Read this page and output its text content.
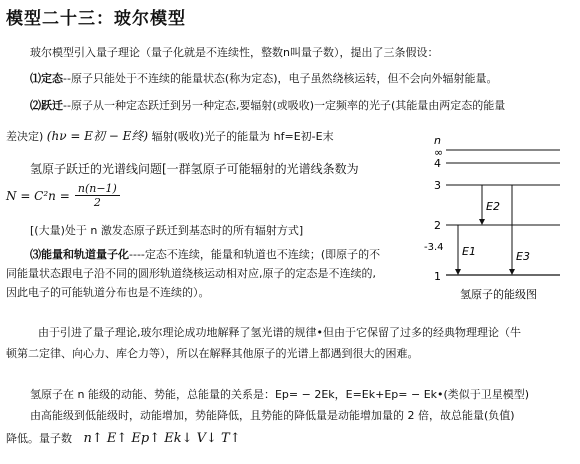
模型二十三：玻尔模型
玻尔模型引入量子理论（量子化就是不连续性，整数n叫量子数），提出了三条假设：
⑴定态--原子只能处于不连续的能量状态(称为定态)，电子虽然绕核运转，但不会向外辐射能量。
⑵跃迁--原子从一种定态跃迁到另一种定态,要辐射(或吸收)一定频率的光子(其能量由两定态的能量
差决定) (hν = E初 − E终) 辐射(吸收)光子的能量为 hf=E初-E末
氢原子跃迁的光谱线问题[一群氢原子可能辐射的光谱线条数为
$N = C^2n = \frac{n(n-1)}{2}$
[(大量)处于 n 激发态原子跃迁到基态时的所有辐射方式]
⑶能量和轨道量子化----定态不连续，能量和轨道也不连续；(即原子的不
同能量状态跟电子沿不同的圆形轨道绕核运动相对应,原子的定态是不连续的,
因此电子的可能轨道分布也是不连续的）。
由于引进了量子理论,玻尔理论成功地解释了氢光谱的规律•但由于它保留了过多的经典物理理论（牛
顿第二定律、向心力、库仑力等），所以在解释其他原子的光谱上都遇到很大的困难。
氢原子在 n 能级的动能、势能，总能量的关系是：Ep= − 2Ek，E=Ek+Ep= − Ek•(类似于卫星模型)
由高能级到低能级时，动能增加，势能降低，且势能的降低量是动能增加量的 2 倍，故总能量(负值)
降低。量子数 n↑ E↑ Ep↑ Ek↓ V↓ T↑
n
∞
4
3
2
-3.4
1
E1
E2
E3
氢原子的能级图
